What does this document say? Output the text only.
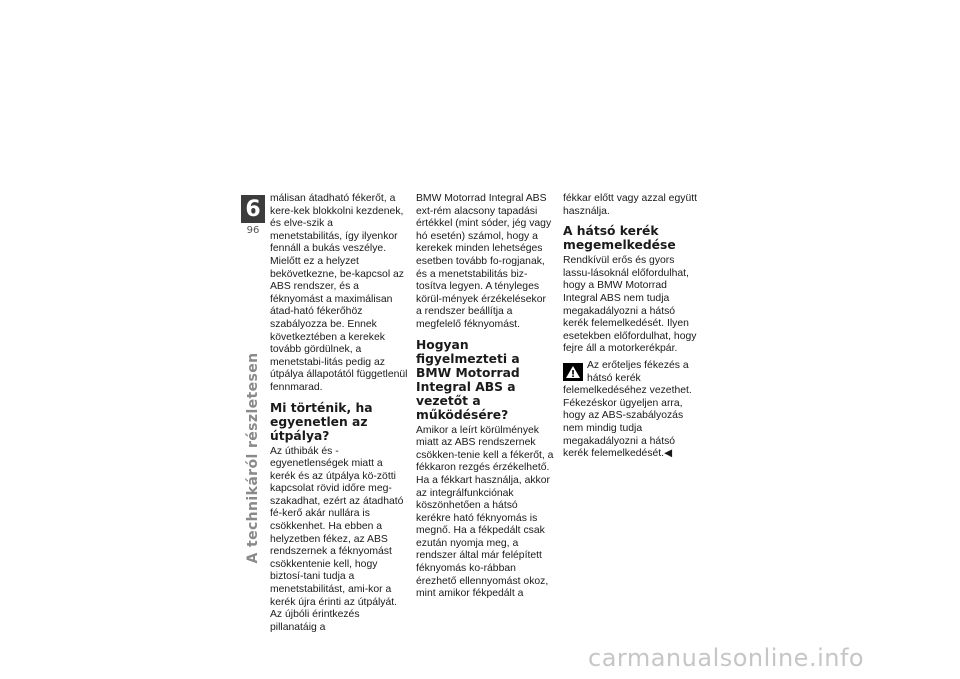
6
96
A technikáról részletesen

málisan átadható fékerőt, a kere-kek blokkolni kezdenek, és elve-szik a menetstabilitás, így ilyenkor fennáll a bukás veszélye. Mielőtt ez a helyzet bekövetkezne, be-kapcsol az ABS rendszer, és a féknyomást a maximálisan átad-ható fékerőhöz szabályozza be. Ennek következtében a kerekek tovább gördülnek, a menetstabi-litás pedig az útpálya állapotától függetlenül fennmarad.

Mi történik, ha egyenetlen az útpálya?

Az úthibák és -egyenetlenségek miatt a kerék és az útpálya kö-zötti kapcsolat rövid időre meg-szakadhat, ezért az átadható fé-kerő akár nullára is csökkenhet. Ha ebben a helyzetben fékez, az ABS rendszernek a féknyomást csökkentenie kell, hogy biztosí-tani tudja a menetstabilitást, ami-kor a kerék újra érinti az útpályát. Az újbóli érintkezés pillanatáig a

BMW Motorrad Integral ABS ext-rém alacsony tapadási értékkel (mint sóder, jég vagy hó esetén) számol, hogy a kerekek minden lehetséges esetben tovább fo-rogjanak, és a menetstabilitás biz-tosítva legyen. A tényleges körül-mények érzékelésekor a rendszer beállítja a megfelelő féknyomást.

Hogyan figyelmezteti a BMW Motorrad Integral ABS a vezetőt a működésére?

Amikor a leírt körülmények miatt az ABS rendszernek csökken-tenie kell a fékerőt, a fékkaron rezgés érzékelhető. Ha a fékkart használja, akkor az integrálfunkciónak köszönhetően a hátsó kerékre ható féknyomás is megnő. Ha a fékpedált csak ezután nyomja meg, a rendszer által már felépített féknyomás ko-rábban érezhető ellennyomást okoz, mint amikor fékpedált a

fékkar előtt vagy azzal együtt használja.

A hátsó kerék megemelkedése

Rendkívül erős és gyors lassu-lásoknál előfordulhat, hogy a BMW Motorrad Integral ABS nem tudja megakadályozni a hátsó kerék felemelkedését. Ilyen esetekben előfordulhat, hogy fejre áll a motorkerékpár.

Az erőteljes fékezés a hátsó kerék felemelkedéséhez vezethet.

Fékezéskor ügyeljen arra, hogy az ABS-szabályozás nem mindig tudja megakadályozni a hátsó kerék felemelkedését.◀

carmanualsonline.info
